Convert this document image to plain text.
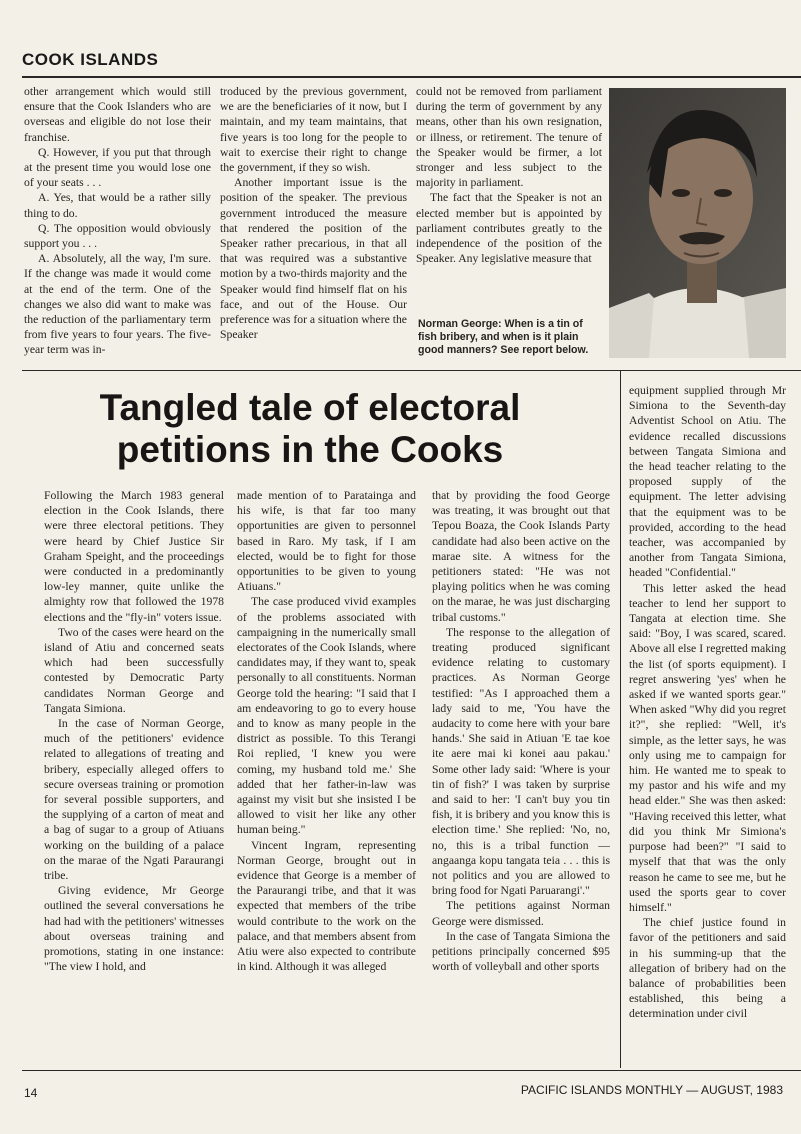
COOK ISLANDS

other arrangement which would still ensure that the Cook Islanders who are overseas and eligible do not lose their franchise.

Q. However, if you put that through at the present time you would lose one of your seats . . .

A. Yes, that would be a rather silly thing to do.

Q. The opposition would obviously support you . . .

A. Absolutely, all the way, I'm sure. If the change was made it would come at the end of the term. One of the changes we also did want to make was the reduction of the parliamentary term from five years to four years. The five-year term was in-

troduced by the previous government, we are the beneficiaries of it now, but I maintain, and my team maintains, that five years is too long for the people to wait to exercise their right to change the government, if they so wish.

Another important issue is the position of the speaker. The previous government introduced the measure that rendered the position of the Speaker rather precarious, in that all that was required was a substantive motion by a two-thirds majority and the Speaker would find himself flat on his face, and out of the House. Our preference was for a situation where the Speaker

could not be removed from parliament during the term of government by any means, other than his own resignation, or illness, or retirement. The tenure of the Speaker would be firmer, a lot stronger and less subject to the majority in parliament.

The fact that the Speaker is not an elected member but is appointed by parliament contributes greatly to the independence of the position of the Speaker. Any legislative measure that

Norman George: When is a tin of fish bribery, and when is it plain good manners? See report below.
Tangled tale of electoral petitions in the Cooks

Following the March 1983 general election in the Cook Islands, there were three electoral petitions. They were heard by Chief Justice Sir Graham Speight, and the proceedings were conducted in a predominantly low-ley manner, quite unlike the almighty row that followed the 1978 elections and the "fly-in" voters issue.

Two of the cases were heard on the island of Atiu and concerned seats which had been successfully contested by Democratic Party candidates Norman George and Tangata Simiona.

In the case of Norman George, much of the petitioners' evidence related to allegations of treating and bribery, especially alleged offers to secure overseas training or promotion for several possible supporters, and the supplying of a carton of meat and a bag of sugar to a group of Atiuans working on the building of a palace on the marae of the Ngati Paraurangi tribe.

Giving evidence, Mr George outlined the several conversations he had had with the petitioners' witnesses about overseas training and promotions, stating in one instance: "The view I hold, and

made mention of to Paratainga and his wife, is that far too many opportunities are given to personnel based in Raro. My task, if I am elected, would be to fight for those opportunities to be given to young Atiuans."

The case produced vivid examples of the problems associated with campaigning in the numerically small electorates of the Cook Islands, where candidates may, if they want to, speak personally to all constituents. Norman George told the hearing: "I said that I am endeavoring to go to every house and to know as many people in the district as possible. To this Terangi Roi replied, 'I knew you were coming, my husband told me.' She added that her father-in-law was against my visit but she insisted I be allowed to visit her like any other human being."

Vincent Ingram, representing Norman George, brought out in evidence that George is a member of the Paraurangi tribe, and that it was expected that members of the tribe would contribute to the work on the palace, and that members absent from Atiu were also expected to contribute in kind. Although it was alleged

that by providing the food George was treating, it was brought out that Tepou Boaza, the Cook Islands Party candidate had also been active on the marae site. A witness for the petitioners stated: "He was not playing politics when he was coming on the marae, he was just discharging tribal customs."

The response to the allegation of treating produced significant evidence relating to customary practices. As Norman George testified: "As I approached them a lady said to me, 'You have the audacity to come here with your bare hands.' She said in Atiuan 'E tae koe ite aere mai ki konei aau pakau.' Some other lady said: 'Where is your tin of fish?' I was taken by surprise and said to her: 'I can't buy you tin fish, it is bribery and you know this is election time.' She replied: 'No, no, no, this is a tribal function — angaanga kopu tangata teia . . . this is not politics and you are allowed to bring food for Ngati Paruarangi'."

The petitions against Norman George were dismissed.

In the case of Tangata Simiona the petitions principally concerned $95 worth of volleyball and other sports

equipment supplied through Mr Simiona to the Seventh-day Adventist School on Atiu. The evidence recalled discussions between Tangata Simiona and the head teacher relating to the proposed supply of the equipment. The letter advising that the equipment was to be provided, according to the head teacher, was accompanied by another from Tangata Simiona, headed "Confidential."

This letter asked the head teacher to lend her support to Tangata at election time. She said: "Boy, I was scared, scared. Above all else I regretted making the list (of sports equipment). I regret answering 'yes' when he asked if we wanted sports gear." When asked "Why did you regret it?", she replied: "Well, it's simple, as the letter says, he was only using me to campaign for him. He wanted me to speak to my pastor and his wife and my head elder." She was then asked: "Having received this letter, what did you think Mr Simiona's purpose had been?" "I said to myself that that was the only reason he came to see me, but he used the sports gear to cover himself."

The chief justice found in favor of the petitioners and said in his summing-up that the allegation of bribery had on the balance of probabilities been established, this being a determination under civil

14	PACIFIC ISLANDS MONTHLY — AUGUST, 1983
